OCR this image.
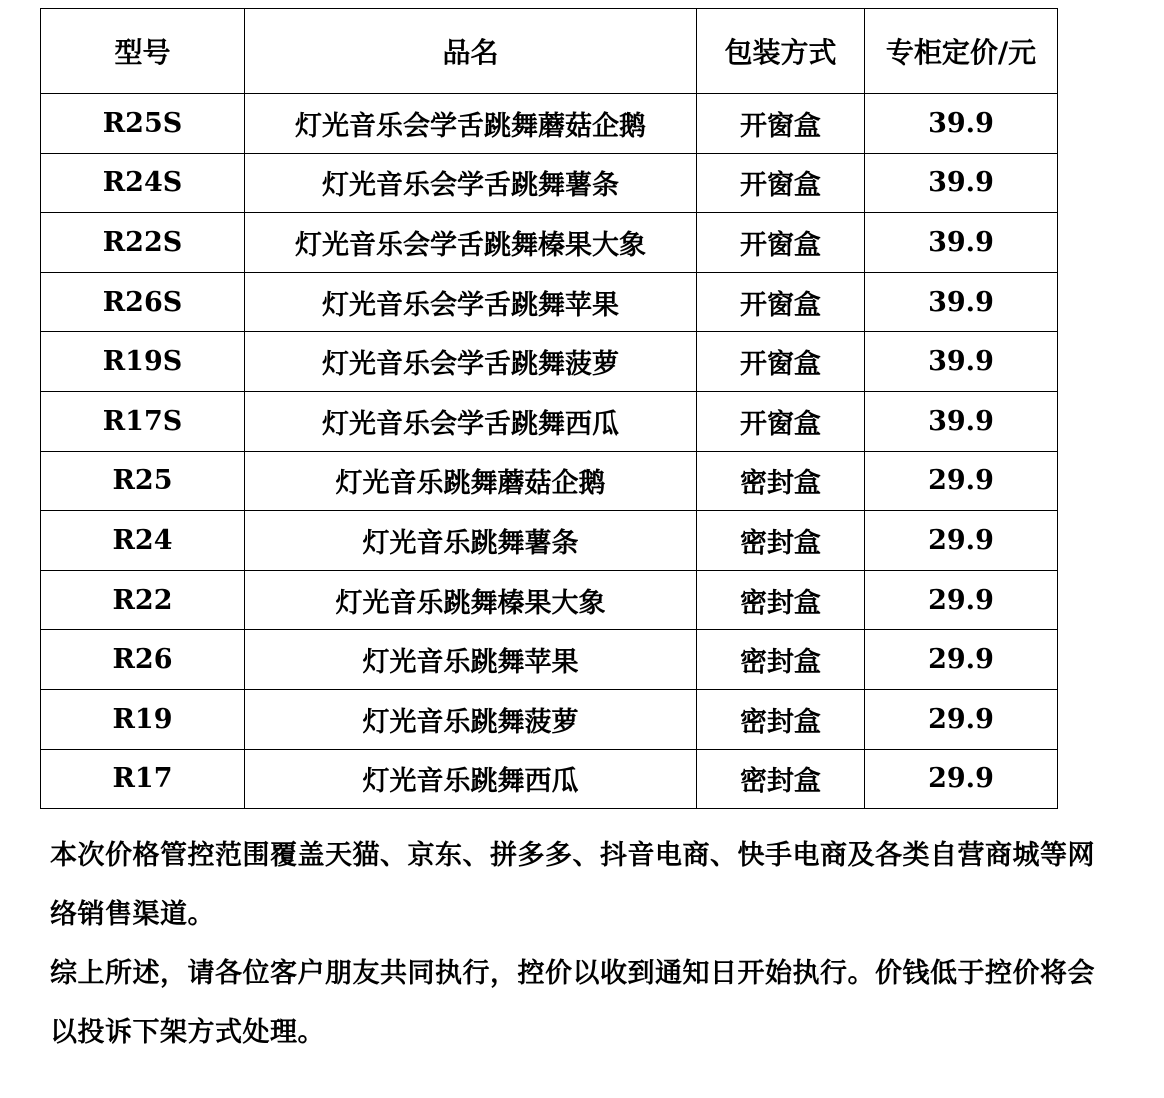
型号	品名	包装方式	专柜定价/元
R25S	灯光音乐会学舌跳舞蘑菇企鹅	开窗盒	39.9
R24S	灯光音乐会学舌跳舞薯条	开窗盒	39.9
R22S	灯光音乐会学舌跳舞榛果大象	开窗盒	39.9
R26S	灯光音乐会学舌跳舞苹果	开窗盒	39.9
R19S	灯光音乐会学舌跳舞菠萝	开窗盒	39.9
R17S	灯光音乐会学舌跳舞西瓜	开窗盒	39.9
R25	灯光音乐跳舞蘑菇企鹅	密封盒	29.9
R24	灯光音乐跳舞薯条	密封盒	29.9
R22	灯光音乐跳舞榛果大象	密封盒	29.9
R26	灯光音乐跳舞苹果	密封盒	29.9
R19	灯光音乐跳舞菠萝	密封盒	29.9
R17	灯光音乐跳舞西瓜	密封盒	29.9

本次价格管控范围覆盖天猫、京东、拼多多、抖音电商、快手电商及各类自营商城等网络销售渠道。

综上所述，请各位客户朋友共同执行，控价以收到通知日开始执行。价钱低于控价将会以投诉下架方式处理。
